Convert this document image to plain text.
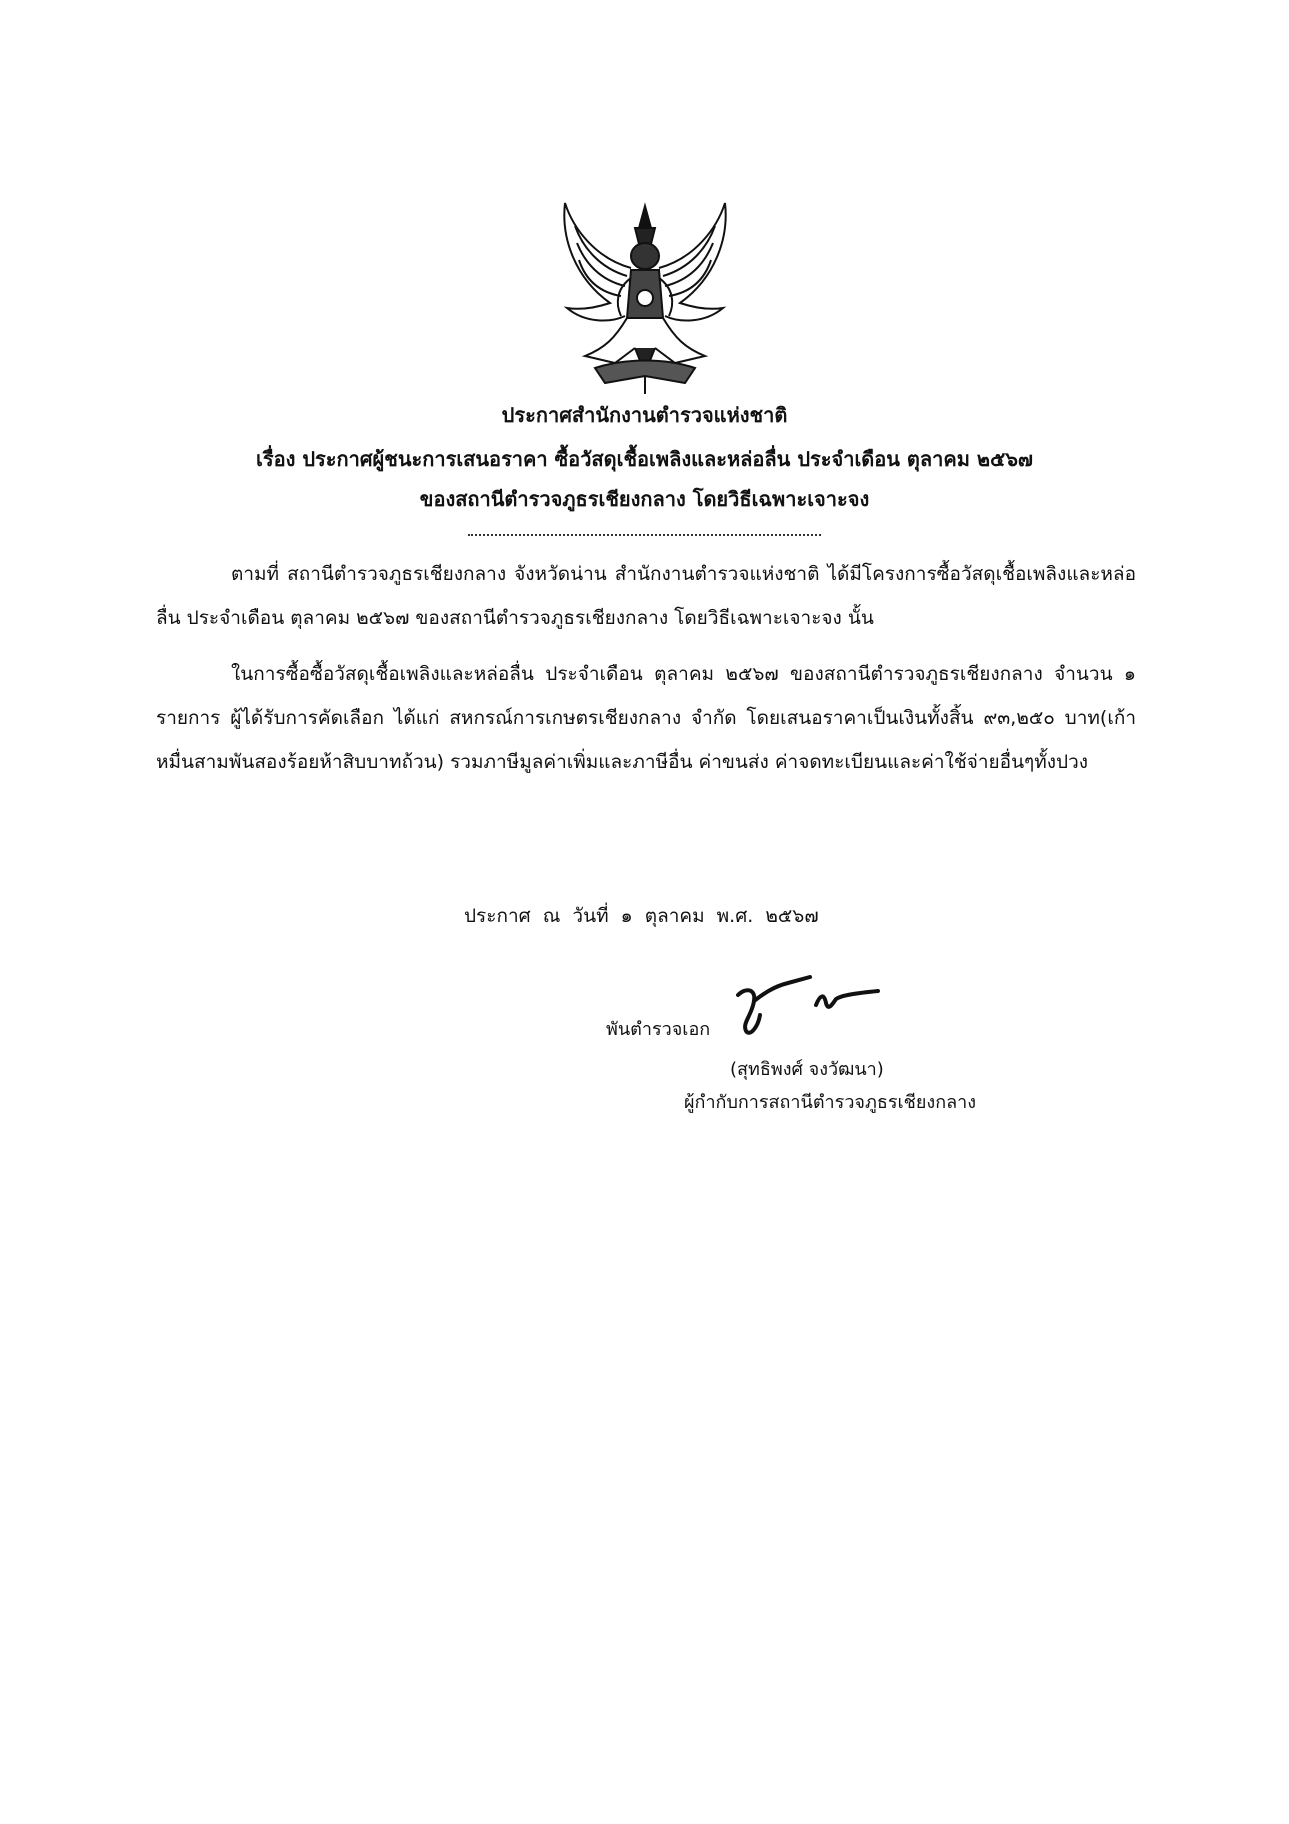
ประกาศสำนักงานตำรวจแห่งชาติ
เรื่อง ประกาศผู้ชนะการเสนอราคา ซื้อวัสดุเชื้อเพลิงและหล่อลื่น ประจำเดือน ตุลาคม ๒๕๖๗
ของสถานีตำรวจภูธรเชียงกลาง โดยวิธีเฉพาะเจาะจง
ตามที่ สถานีตำรวจภูธรเชียงกลาง จังหวัดน่าน สำนักงานตำรวจแห่งชาติ ได้มีโครงการซื้อวัสดุเชื้อเพลิงและหล่อลื่น ประจำเดือน ตุลาคม ๒๕๖๗ ของสถานีตำรวจภูธรเชียงกลาง โดยวิธีเฉพาะเจาะจง นั้น
ในการซื้อซื้อวัสดุเชื้อเพลิงและหล่อลื่น ประจำเดือน ตุลาคม ๒๕๖๗ ของสถานีตำรวจภูธรเชียงกลาง จำนวน ๑ รายการ ผู้ได้รับการคัดเลือก ได้แก่ สหกรณ์การเกษตรเชียงกลาง จำกัด โดยเสนอราคาเป็นเงินทั้งสิ้น ๙๓,๒๕๐ บาท(เก้าหมื่นสามพันสองร้อยห้าสิบบาทถ้วน) รวมภาษีมูลค่าเพิ่มและภาษีอื่น ค่าขนส่ง ค่าจดทะเบียนและค่าใช้จ่ายอื่นๆทั้งปวง
ประกาศ ณ วันที่ ๑ ตุลาคม พ.ศ. ๒๕๖๗
พันตำรวจเอก
(สุทธิพงศ์ จงวัฒนา)
ผู้กำกับการสถานีตำรวจภูธรเชียงกลาง
